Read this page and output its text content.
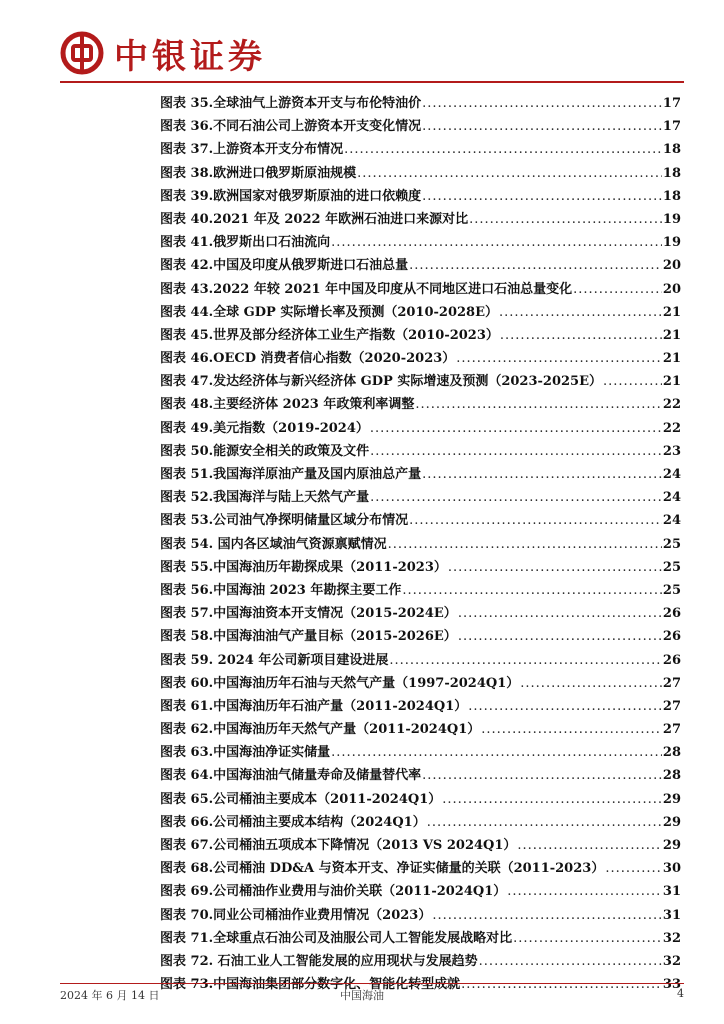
中银证券
图表 35.全球油气上游资本开支与布伦特油价 .....	17
图表 36.不同石油公司上游资本开支变化情况 .....	17
图表 37.上游资本开支分布情况 .....	18
图表 38.欧洲进口俄罗斯原油规模 .....	18
图表 39.欧洲国家对俄罗斯原油的进口依赖度 .....	18
图表 40.2021 年及 2022 年欧洲石油进口来源对比 .....	19
图表 41.俄罗斯出口石油流向 .....	19
图表 42.中国及印度从俄罗斯进口石油总量 .....	20
图表 43.2022 年较 2021 年中国及印度从不同地区进口石油总量变化 .....	20
图表 44.全球 GDP 实际增长率及预测（2010-2028E） .....	21
图表 45.世界及部分经济体工业生产指数（2010-2023） .....	21
图表 46.OECD 消费者信心指数（2020-2023） .....	21
图表 47.发达经济体与新兴经济体 GDP 实际增速及预测（2023-2025E） .....	21
图表 48.主要经济体 2023 年政策利率调整 .....	22
图表 49.美元指数（2019-2024） .....	22
图表 50.能源安全相关的政策及文件 .....	23
图表 51.我国海洋原油产量及国内原油总产量 .....	24
图表 52.我国海洋与陆上天然气产量 .....	24
图表 53.公司油气净探明储量区域分布情况 .....	24
图表 54. 国内各区域油气资源禀赋情况 .....	25
图表 55.中国海油历年勘探成果（2011-2023） .....	25
图表 56.中国海油 2023 年勘探主要工作 .....	25
图表 57.中国海油资本开支情况（2015-2024E） .....	26
图表 58.中国海油油气产量目标（2015-2026E） .....	26
图表 59. 2024 年公司新项目建设进展 .....	26
图表 60.中国海油历年石油与天然气产量（1997-2024Q1） .....	27
图表 61.中国海油历年石油产量（2011-2024Q1） .....	27
图表 62.中国海油历年天然气产量（2011-2024Q1） .....	27
图表 63.中国海油净证实储量 .....	28
图表 64.中国海油油气储量寿命及储量替代率 .....	28
图表 65.公司桶油主要成本（2011-2024Q1） .....	29
图表 66.公司桶油主要成本结构（2024Q1） .....	29
图表 67.公司桶油五项成本下降情况（2013 VS 2024Q1） .....	29
图表 68.公司桶油 DD&A 与资本开支、净证实储量的关联（2011-2023） .....	30
图表 69.公司桶油作业费用与油价关联（2011-2024Q1） .....	31
图表 70.同业公司桶油作业费用情况（2023） .....	31
图表 71.全球重点石油公司及油服公司人工智能发展战略对比 .....	32
图表 72. 石油工业人工智能发展的应用现状与发展趋势 .....	32
图表 73.中国海油集团部分数字化、智能化转型成就 .....	33
2024 年 6 月 14 日	中国海油	4
